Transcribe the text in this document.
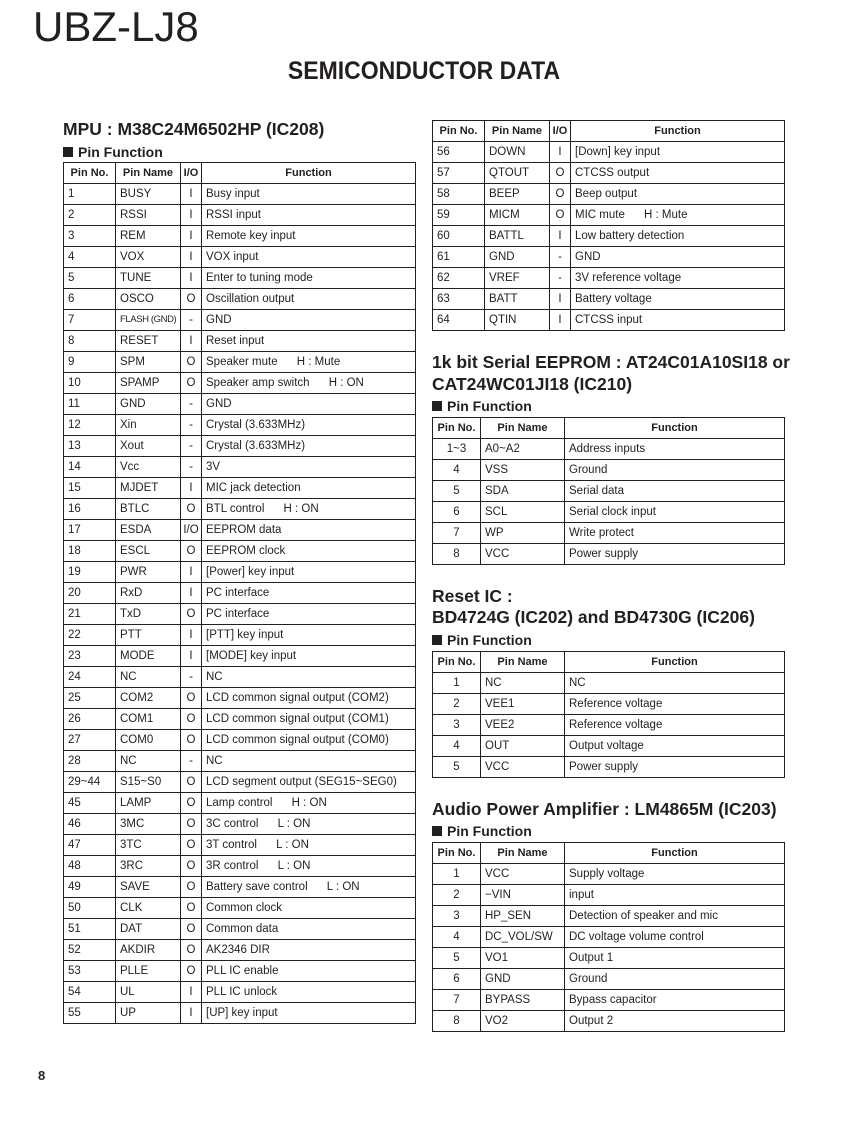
UBZ-LJ8
SEMICONDUCTOR DATA
MPU : M38C24M6502HP (IC208)
Pin Function
Pin No.	Pin Name	I/O	Function
1	BUSY	I	Busy input
2	RSSI	I	RSSI input
3	REM	I	Remote key input
4	VOX	I	VOX input
5	TUNE	I	Enter to tuning mode
6	OSCO	O	Oscillation output
7	FLASH (GND)	-	GND
8	RESET	I	Reset input
9	SPM	O	Speaker mute      H : Mute
10	SPAMP	O	Speaker amp switch      H : ON
11	GND	-	GND
12	Xin	-	Crystal (3.633MHz)
13	Xout	-	Crystal (3.633MHz)
14	Vcc	-	3V
15	MJDET	I	MIC jack detection
16	BTLC	O	BTL control      H : ON
17	ESDA	I/O	EEPROM data
18	ESCL	O	EEPROM clock
19	PWR	I	[Power] key input
20	RxD	I	PC interface
21	TxD	O	PC interface
22	PTT	I	[PTT] key input
23	MODE	I	[MODE] key input
24	NC	-	NC
25	COM2	O	LCD common signal output (COM2)
26	COM1	O	LCD common signal output (COM1)
27	COM0	O	LCD common signal output (COM0)
28	NC	-	NC
29~44	S15~S0	O	LCD segment output (SEG15~SEG0)
45	LAMP	O	Lamp control      H : ON
46	3MC	O	3C control      L : ON
47	3TC	O	3T control      L : ON
48	3RC	O	3R control      L : ON
49	SAVE	O	Battery save control      L : ON
50	CLK	O	Common clock
51	DAT	O	Common data
52	AKDIR	O	AK2346 DIR
53	PLLE	O	PLL IC enable
54	UL	I	PLL IC unlock
55	UP	I	[UP] key input
Pin No.	Pin Name	I/O	Function
56	DOWN	I	[Down] key input
57	QTOUT	O	CTCSS output
58	BEEP	O	Beep output
59	MICM	O	MIC mute      H : Mute
60	BATTL	I	Low battery detection
61	GND	-	GND
62	VREF	-	3V reference voltage
63	BATT	I	Battery voltage
64	QTIN	I	CTCSS input
1k bit Serial EEPROM : AT24C01A10SI18 or
CAT24WC01JI18 (IC210)
Pin Function
Pin No.	Pin Name	Function
1~3	A0~A2	Address inputs
4	VSS	Ground
5	SDA	Serial data
6	SCL	Serial clock input
7	WP	Write protect
8	VCC	Power supply
Reset IC :
BD4724G (IC202) and BD4730G (IC206)
Pin Function
Pin No.	Pin Name	Function
1	NC	NC
2	VEE1	Reference voltage
3	VEE2	Reference voltage
4	OUT	Output voltage
5	VCC	Power supply
Audio Power Amplifier : LM4865M (IC203)
Pin Function
Pin No.	Pin Name	Function
1	VCC	Supply voltage
2	−VIN	input
3	HP_SEN	Detection of speaker and mic
4	DC_VOL/SW	DC voltage volume control
5	VO1	Output 1
6	GND	Ground
7	BYPASS	Bypass capacitor
8	VO2	Output 2
8
